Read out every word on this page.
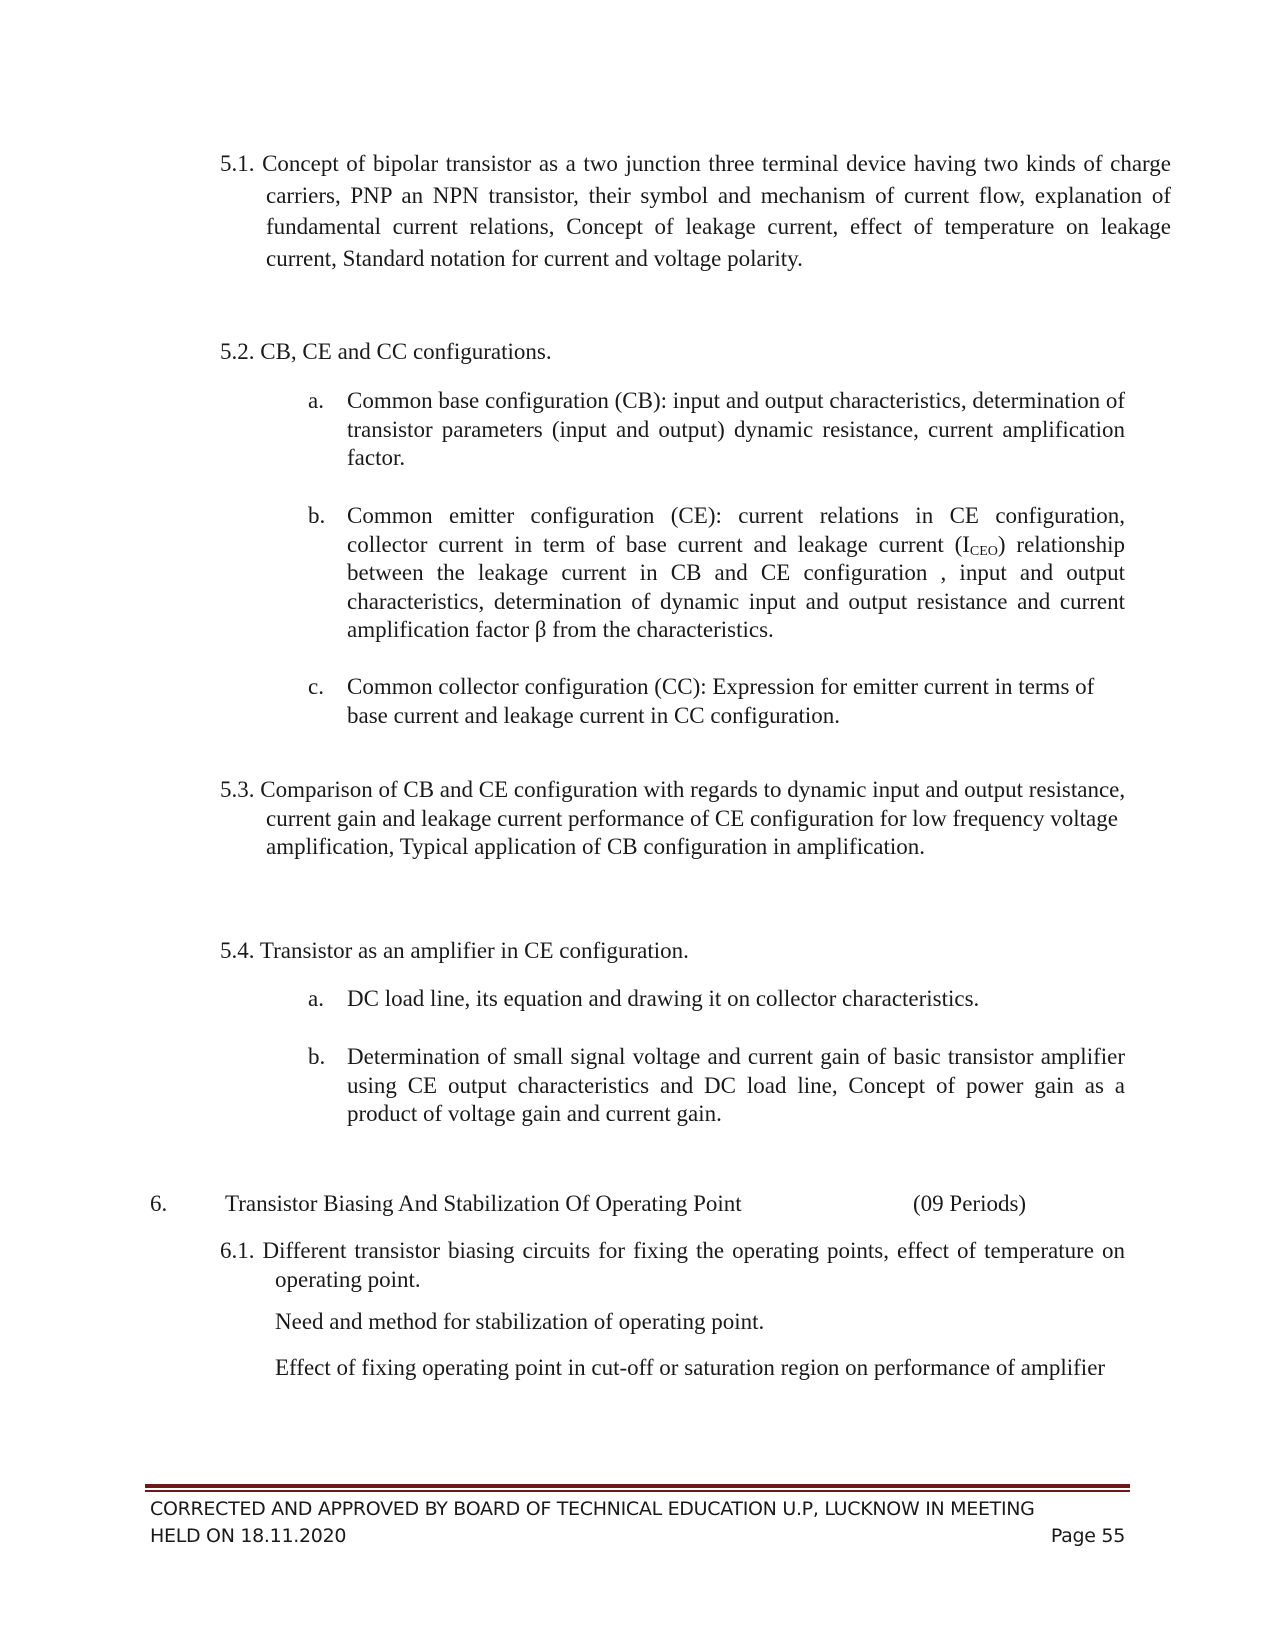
5.1. Concept of bipolar transistor as a two junction three terminal device having two kinds of charge carriers, PNP an NPN transistor, their symbol and mechanism of current flow, explanation of fundamental current relations, Concept of leakage current, effect of temperature on leakage current, Standard notation for current and voltage polarity.
5.2. CB, CE and CC configurations.
a. Common base configuration (CB): input and output characteristics, determination of transistor parameters (input and output) dynamic resistance, current amplification factor.
b. Common emitter configuration (CE): current relations in CE configuration, collector current in term of base current and leakage current $(I_{CEO})$ relationship between the leakage current in CB and CE configuration , input and output characteristics, determination of dynamic input and output resistance and current amplification factor β from the characteristics.
c. Common collector configuration (CC): Expression for emitter current in terms of base current and leakage current in CC configuration.
5.3. Comparison of CB and CE configuration with regards to dynamic input and output resistance, current gain and leakage current performance of CE configuration for low frequency voltage amplification, Typical application of CB configuration in amplification.
5.4. Transistor as an amplifier in CE configuration.
a. DC load line, its equation and drawing it on collector characteristics.
b. Determination of small signal voltage and current gain of basic transistor amplifier using CE output characteristics and DC load line, Concept of power gain as a product of voltage gain and current gain.
6.	Transistor Biasing And Stabilization Of Operating Point	(09 Periods)
6.1. Different transistor biasing circuits for fixing the operating points, effect of temperature on operating point.
Need and method for stabilization of operating point.
Effect of fixing operating point in cut-off or saturation region on performance of amplifier
CORRECTED AND APPROVED BY BOARD OF TECHNICAL EDUCATION U.P, LUCKNOW IN MEETING
HELD ON 18.11.2020	Page 55
